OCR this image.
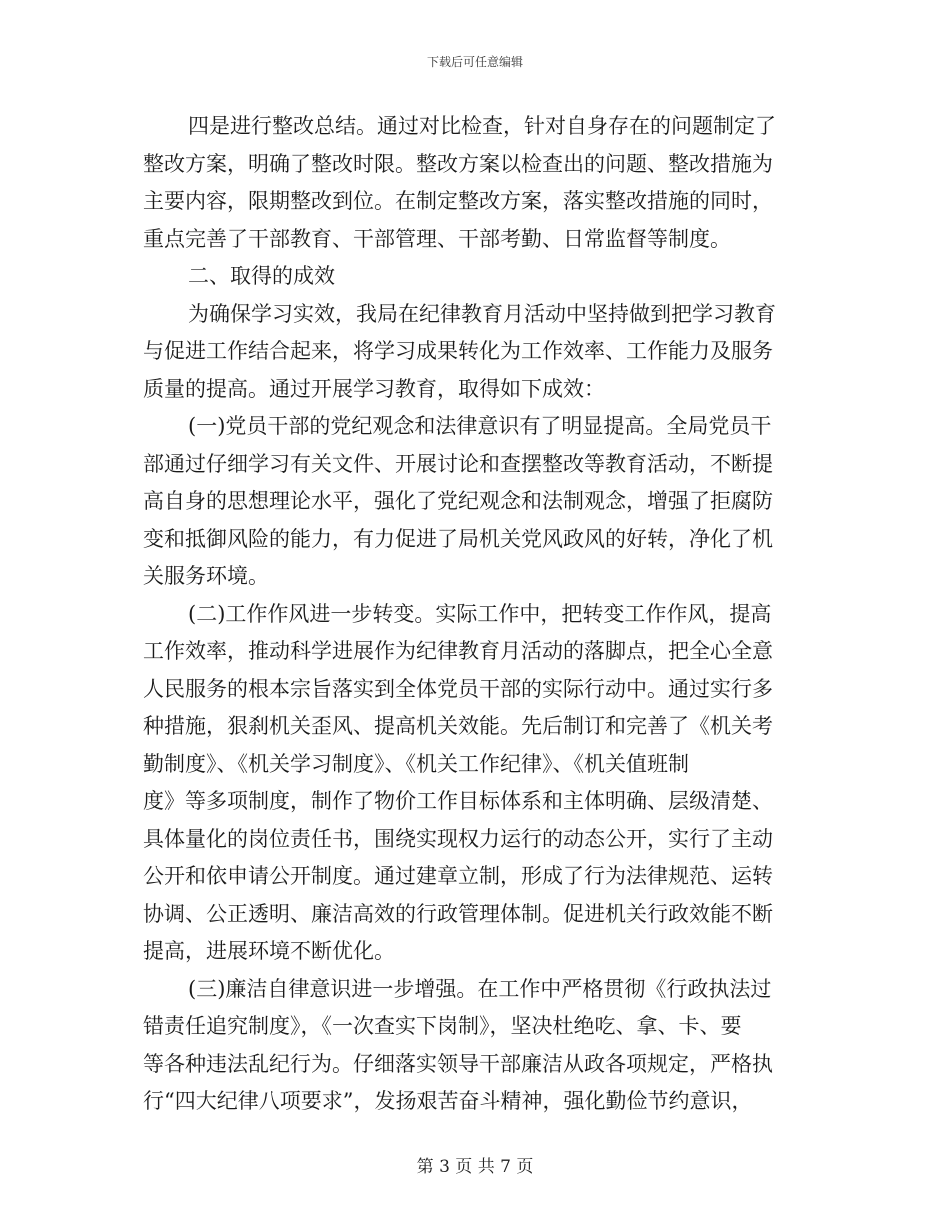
下载后可任意编辑
四是进行整改总结。通过对比检查，针对自身存在的问题制定了
整改方案，明确了整改时限。整改方案以检查出的问题、整改措施为
主要内容，限期整改到位。在制定整改方案，落实整改措施的同时，
重点完善了干部教育、干部管理、干部考勤、日常监督等制度。
二、取得的成效
为确保学习实效，我局在纪律教育月活动中坚持做到把学习教育
与促进工作结合起来，将学习成果转化为工作效率、工作能力及服务
质量的提高。通过开展学习教育，取得如下成效：
(一)党员干部的党纪观念和法律意识有了明显提高。全局党员干
部通过仔细学习有关文件、开展讨论和查摆整改等教育活动，不断提
高自身的思想理论水平，强化了党纪观念和法制观念，增强了拒腐防
变和抵御风险的能力，有力促进了局机关党风政风的好转，净化了机
关服务环境。
(二)工作作风进一步转变。实际工作中，把转变工作作风，提高
工作效率，推动科学进展作为纪律教育月活动的落脚点，把全心全意
人民服务的根本宗旨落实到全体党员干部的实际行动中。通过实行多
种措施，狠刹机关歪风、提高机关效能。先后制订和完善了《机关考
勤制度》、《机关学习制度》、《机关工作纪律》、《机关值班制
度》等多项制度，制作了物价工作目标体系和主体明确、层级清楚、
具体量化的岗位责任书，围绕实现权力运行的动态公开，实行了主动
公开和依申请公开制度。通过建章立制，形成了行为法律规范、运转
协调、公正透明、廉洁高效的行政管理体制。促进机关行政效能不断
提高，进展环境不断优化。
(三)廉洁自律意识进一步增强。在工作中严格贯彻《行政执法过
错责任追究制度》，《一次查实下岗制》，坚决杜绝吃、拿、卡、要
等各种违法乱纪行为。仔细落实领导干部廉洁从政各项规定，严格执
行“四大纪律八项要求”，发扬艰苦奋斗精神，强化勤俭节约意识，
第 3 页 共 7 页
